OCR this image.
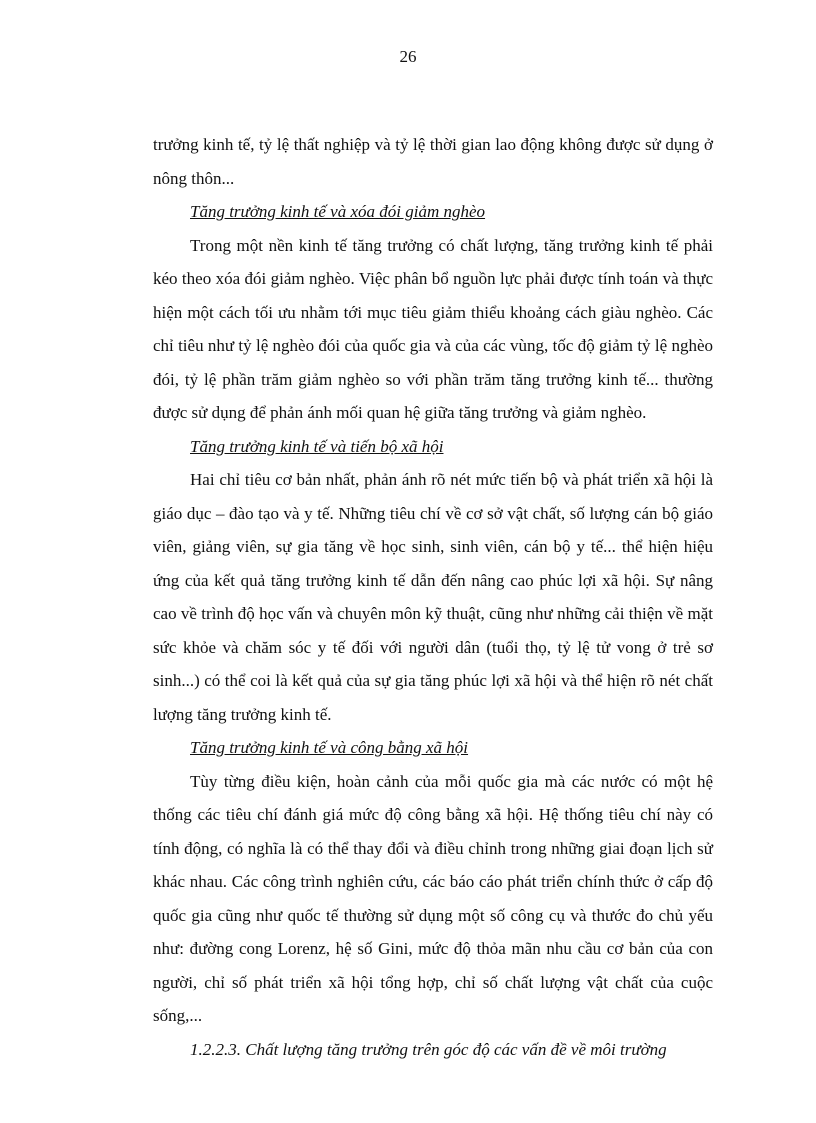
26

trưởng kinh tế, tỷ lệ thất nghiệp và tỷ lệ thời gian lao động không được sử dụng ở nông thôn...

Tăng trưởng kinh tế và xóa đói giảm nghèo

Trong một nền kinh tế tăng trưởng có chất lượng, tăng trưởng kinh tế phải kéo theo xóa đói giảm nghèo. Việc phân bổ nguồn lực phải được tính toán và thực hiện một cách tối ưu nhằm tới mục tiêu giảm thiểu khoảng cách giàu nghèo. Các chỉ tiêu như tỷ lệ nghèo đói của quốc gia và của các vùng, tốc độ giảm tỷ lệ nghèo đói, tỷ lệ phần trăm giảm nghèo so với phần trăm tăng trưởng kinh tế... thường được sử dụng để phản ánh mối quan hệ giữa tăng trưởng và giảm nghèo.

Tăng trưởng kinh tế và tiến bộ xã hội

Hai chỉ tiêu cơ bản nhất, phản ánh rõ nét mức tiến bộ và phát triển xã hội là giáo dục – đào tạo và y tế. Những tiêu chí về cơ sở vật chất, số lượng cán bộ giáo viên, giảng viên, sự gia tăng về học sinh, sinh viên, cán bộ y tế... thể hiện hiệu ứng của kết quả tăng trưởng kinh tế dẫn đến nâng cao phúc lợi xã hội. Sự nâng cao về trình độ học vấn và chuyên môn kỹ thuật, cũng như những cải thiện về mặt sức khỏe và chăm sóc y tế đối với người dân (tuổi thọ, tỷ lệ tử vong ở trẻ sơ sinh...) có thể coi là kết quả của sự gia tăng phúc lợi xã hội và thể hiện rõ nét chất lượng tăng trưởng kinh tế.

Tăng trưởng kinh tế và công bằng xã hội

Tùy từng điều kiện, hoàn cảnh của mỗi quốc gia mà các nước có một hệ thống các tiêu chí đánh giá mức độ công bằng xã hội. Hệ thống tiêu chí này có tính động, có nghĩa là có thể thay đổi và điều chỉnh trong những giai đoạn lịch sử khác nhau. Các công trình nghiên cứu, các báo cáo phát triển chính thức ở cấp độ quốc gia cũng như quốc tế thường sử dụng một số công cụ và thước đo chủ yếu như: đường cong Lorenz, hệ số Gini, mức độ thỏa mãn nhu cầu cơ bản của con người, chỉ số phát triển xã hội tổng hợp, chỉ số chất lượng vật chất của cuộc sống,...

1.2.2.3. Chất lượng tăng trưởng trên góc độ các vấn đề về môi trường
